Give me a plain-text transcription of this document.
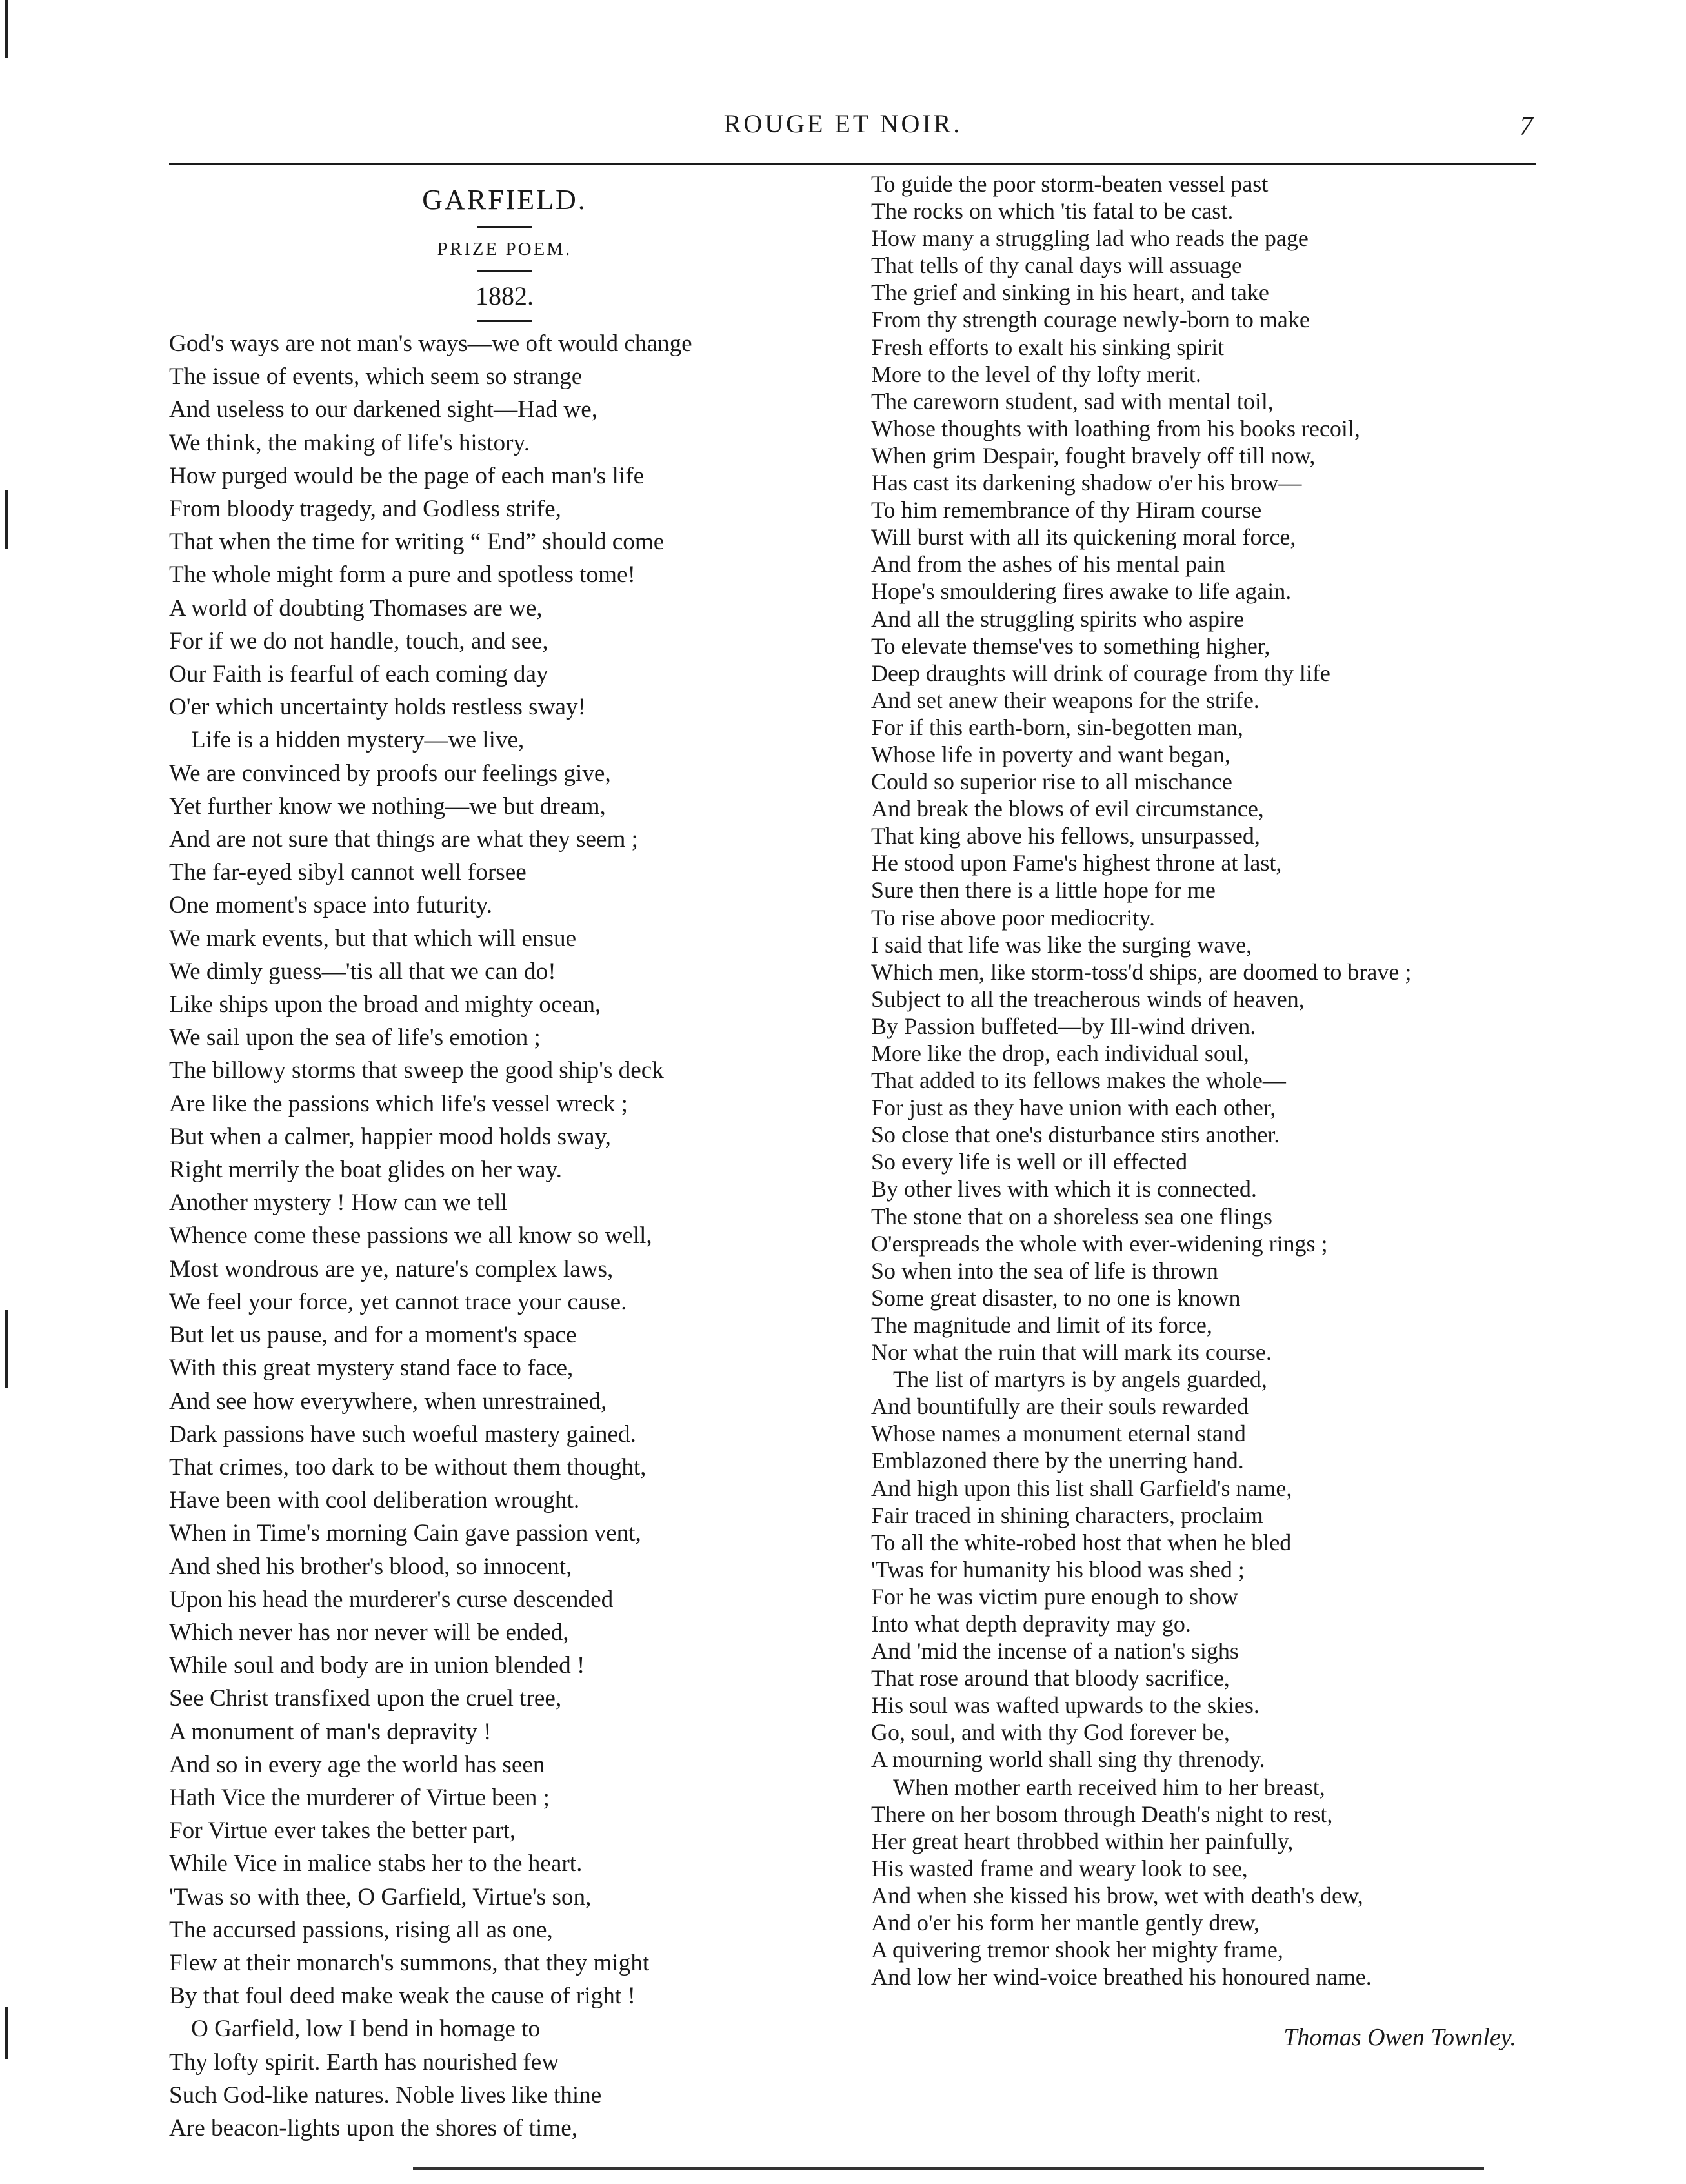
ROUGE ET NOIR.	7
GARFIELD.
PRIZE POEM.
1882.
God's ways are not man's ways—we oft would change
The issue of events, which seem so strange
And useless to our darkened sight—Had we,
We think, the making of life's history.
How purged would be the page of each man's life
From bloody tragedy, and Godless strife,
That when the time for writing “ End” should come
The whole might form a pure and spotless tome!
A world of doubting Thomases are we,
For if we do not handle, touch, and see,
Our Faith is fearful of each coming day
O'er which uncertainty holds restless sway!
Life is a hidden mystery—we live,
We are convinced by proofs our feelings give,
Yet further know we nothing—we but dream,
And are not sure that things are what they seem ;
The far-eyed sibyl cannot well forsee
One moment's space into futurity.
We mark events, but that which will ensue
We dimly guess—'tis all that we can do!
Like ships upon the broad and mighty ocean,
We sail upon the sea of life's emotion ;
The billowy storms that sweep the good ship's deck
Are like the passions which life's vessel wreck ;
But when a calmer, happier mood holds sway,
Right merrily the boat glides on her way.
Another mystery ! How can we tell
Whence come these passions we all know so well,
Most wondrous are ye, nature's complex laws,
We feel your force, yet cannot trace your cause.
But let us pause, and for a moment's space
With this great mystery stand face to face,
And see how everywhere, when unrestrained,
Dark passions have such woeful mastery gained.
That crimes, too dark to be without them thought,
Have been with cool deliberation wrought.
When in Time's morning Cain gave passion vent,
And shed his brother's blood, so innocent,
Upon his head the murderer's curse descended
Which never has nor never will be ended,
While soul and body are in union blended !
See Christ transfixed upon the cruel tree,
A monument of man's depravity !
And so in every age the world has seen
Hath Vice the murderer of Virtue been ;
For Virtue ever takes the better part,
While Vice in malice stabs her to the heart.
'Twas so with thee, O Garfield, Virtue's son,
The accursed passions, rising all as one,
Flew at their monarch's summons, that they might
By that foul deed make weak the cause of right !
O Garfield, low I bend in homage to
Thy lofty spirit. Earth has nourished few
Such God-like natures. Noble lives like thine
Are beacon-lights upon the shores of time,
To guide the poor storm-beaten vessel past
The rocks on which 'tis fatal to be cast.
How many a struggling lad who reads the page
That tells of thy canal days will assuage
The grief and sinking in his heart, and take
From thy strength courage newly-born to make
Fresh efforts to exalt his sinking spirit
More to the level of thy lofty merit.
The careworn student, sad with mental toil,
Whose thoughts with loathing from his books recoil,
When grim Despair, fought bravely off till now,
Has cast its darkening shadow o'er his brow—
To him remembrance of thy Hiram course
Will burst with all its quickening moral force,
And from the ashes of his mental pain
Hope's smouldering fires awake to life again.
And all the struggling spirits who aspire
To elevate themse'ves to something higher,
Deep draughts will drink of courage from thy life
And set anew their weapons for the strife.
For if this earth-born, sin-begotten man,
Whose life in poverty and want began,
Could so superior rise to all mischance
And break the blows of evil circumstance,
That king above his fellows, unsurpassed,
He stood upon Fame's highest throne at last,
Sure then there is a little hope for me
To rise above poor mediocrity.
I said that life was like the surging wave,
Which men, like storm-toss'd ships, are doomed to brave ;
Subject to all the treacherous winds of heaven,
By Passion buffeted—by Ill-wind driven.
More like the drop, each individual soul,
That added to its fellows makes the whole—
For just as they have union with each other,
So close that one's disturbance stirs another.
So every life is well or ill effected
By other lives with which it is connected.
The stone that on a shoreless sea one flings
O'erspreads the whole with ever-widening rings ;
So when into the sea of life is thrown
Some great disaster, to no one is known
The magnitude and limit of its force,
Nor what the ruin that will mark its course.
The list of martyrs is by angels guarded,
And bountifully are their souls rewarded
Whose names a monument eternal stand
Emblazoned there by the unerring hand.
And high upon this list shall Garfield's name,
Fair traced in shining characters, proclaim
To all the white-robed host that when he bled
'Twas for humanity his blood was shed ;
For he was victim pure enough to show
Into what depth depravity may go.
And 'mid the incense of a nation's sighs
That rose around that bloody sacrifice,
His soul was wafted upwards to the skies.
Go, soul, and with thy God forever be,
A mourning world shall sing thy threnody.
When mother earth received him to her breast,
There on her bosom through Death's night to rest,
Her great heart throbbed within her painfully,
His wasted frame and weary look to see,
And when she kissed his brow, wet with death's dew,
And o'er his form her mantle gently drew,
A quivering tremor shook her mighty frame,
And low her wind-voice breathed his honoured name.
Thomas Owen Townley.
